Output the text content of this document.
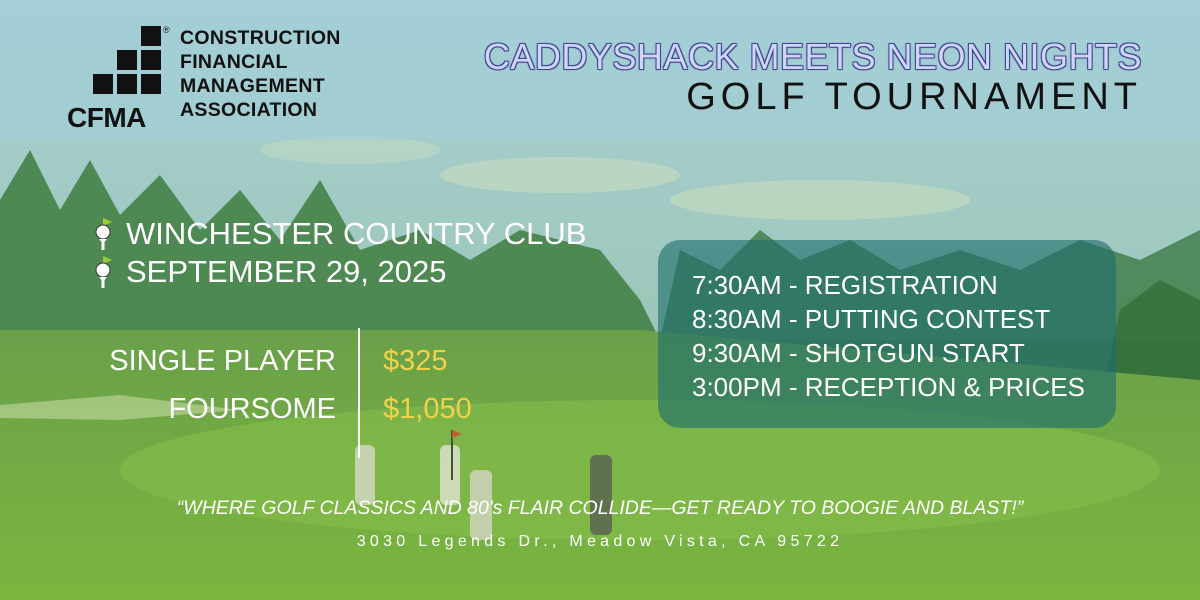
® CONSTRUCTION
FINANCIAL
MANAGEMENT
ASSOCIATION
CFMA
CADDYSHACK MEETS NEON NIGHTS
GOLF TOURNAMENT
WINCHESTER COUNTRY CLUB
SEPTEMBER 29, 2025
SINGLE PLAYER $325
FOURSOME $1,050
7:30AM - REGISTRATION
8:30AM - PUTTING CONTEST
9:30AM - SHOTGUN START
3:00PM - RECEPTION & PRICES
“WHERE GOLF CLASSICS AND 80's FLAIR COLLIDE—GET READY TO BOOGIE AND BLAST!”
3030 Legends Dr., Meadow Vista, CA 95722
